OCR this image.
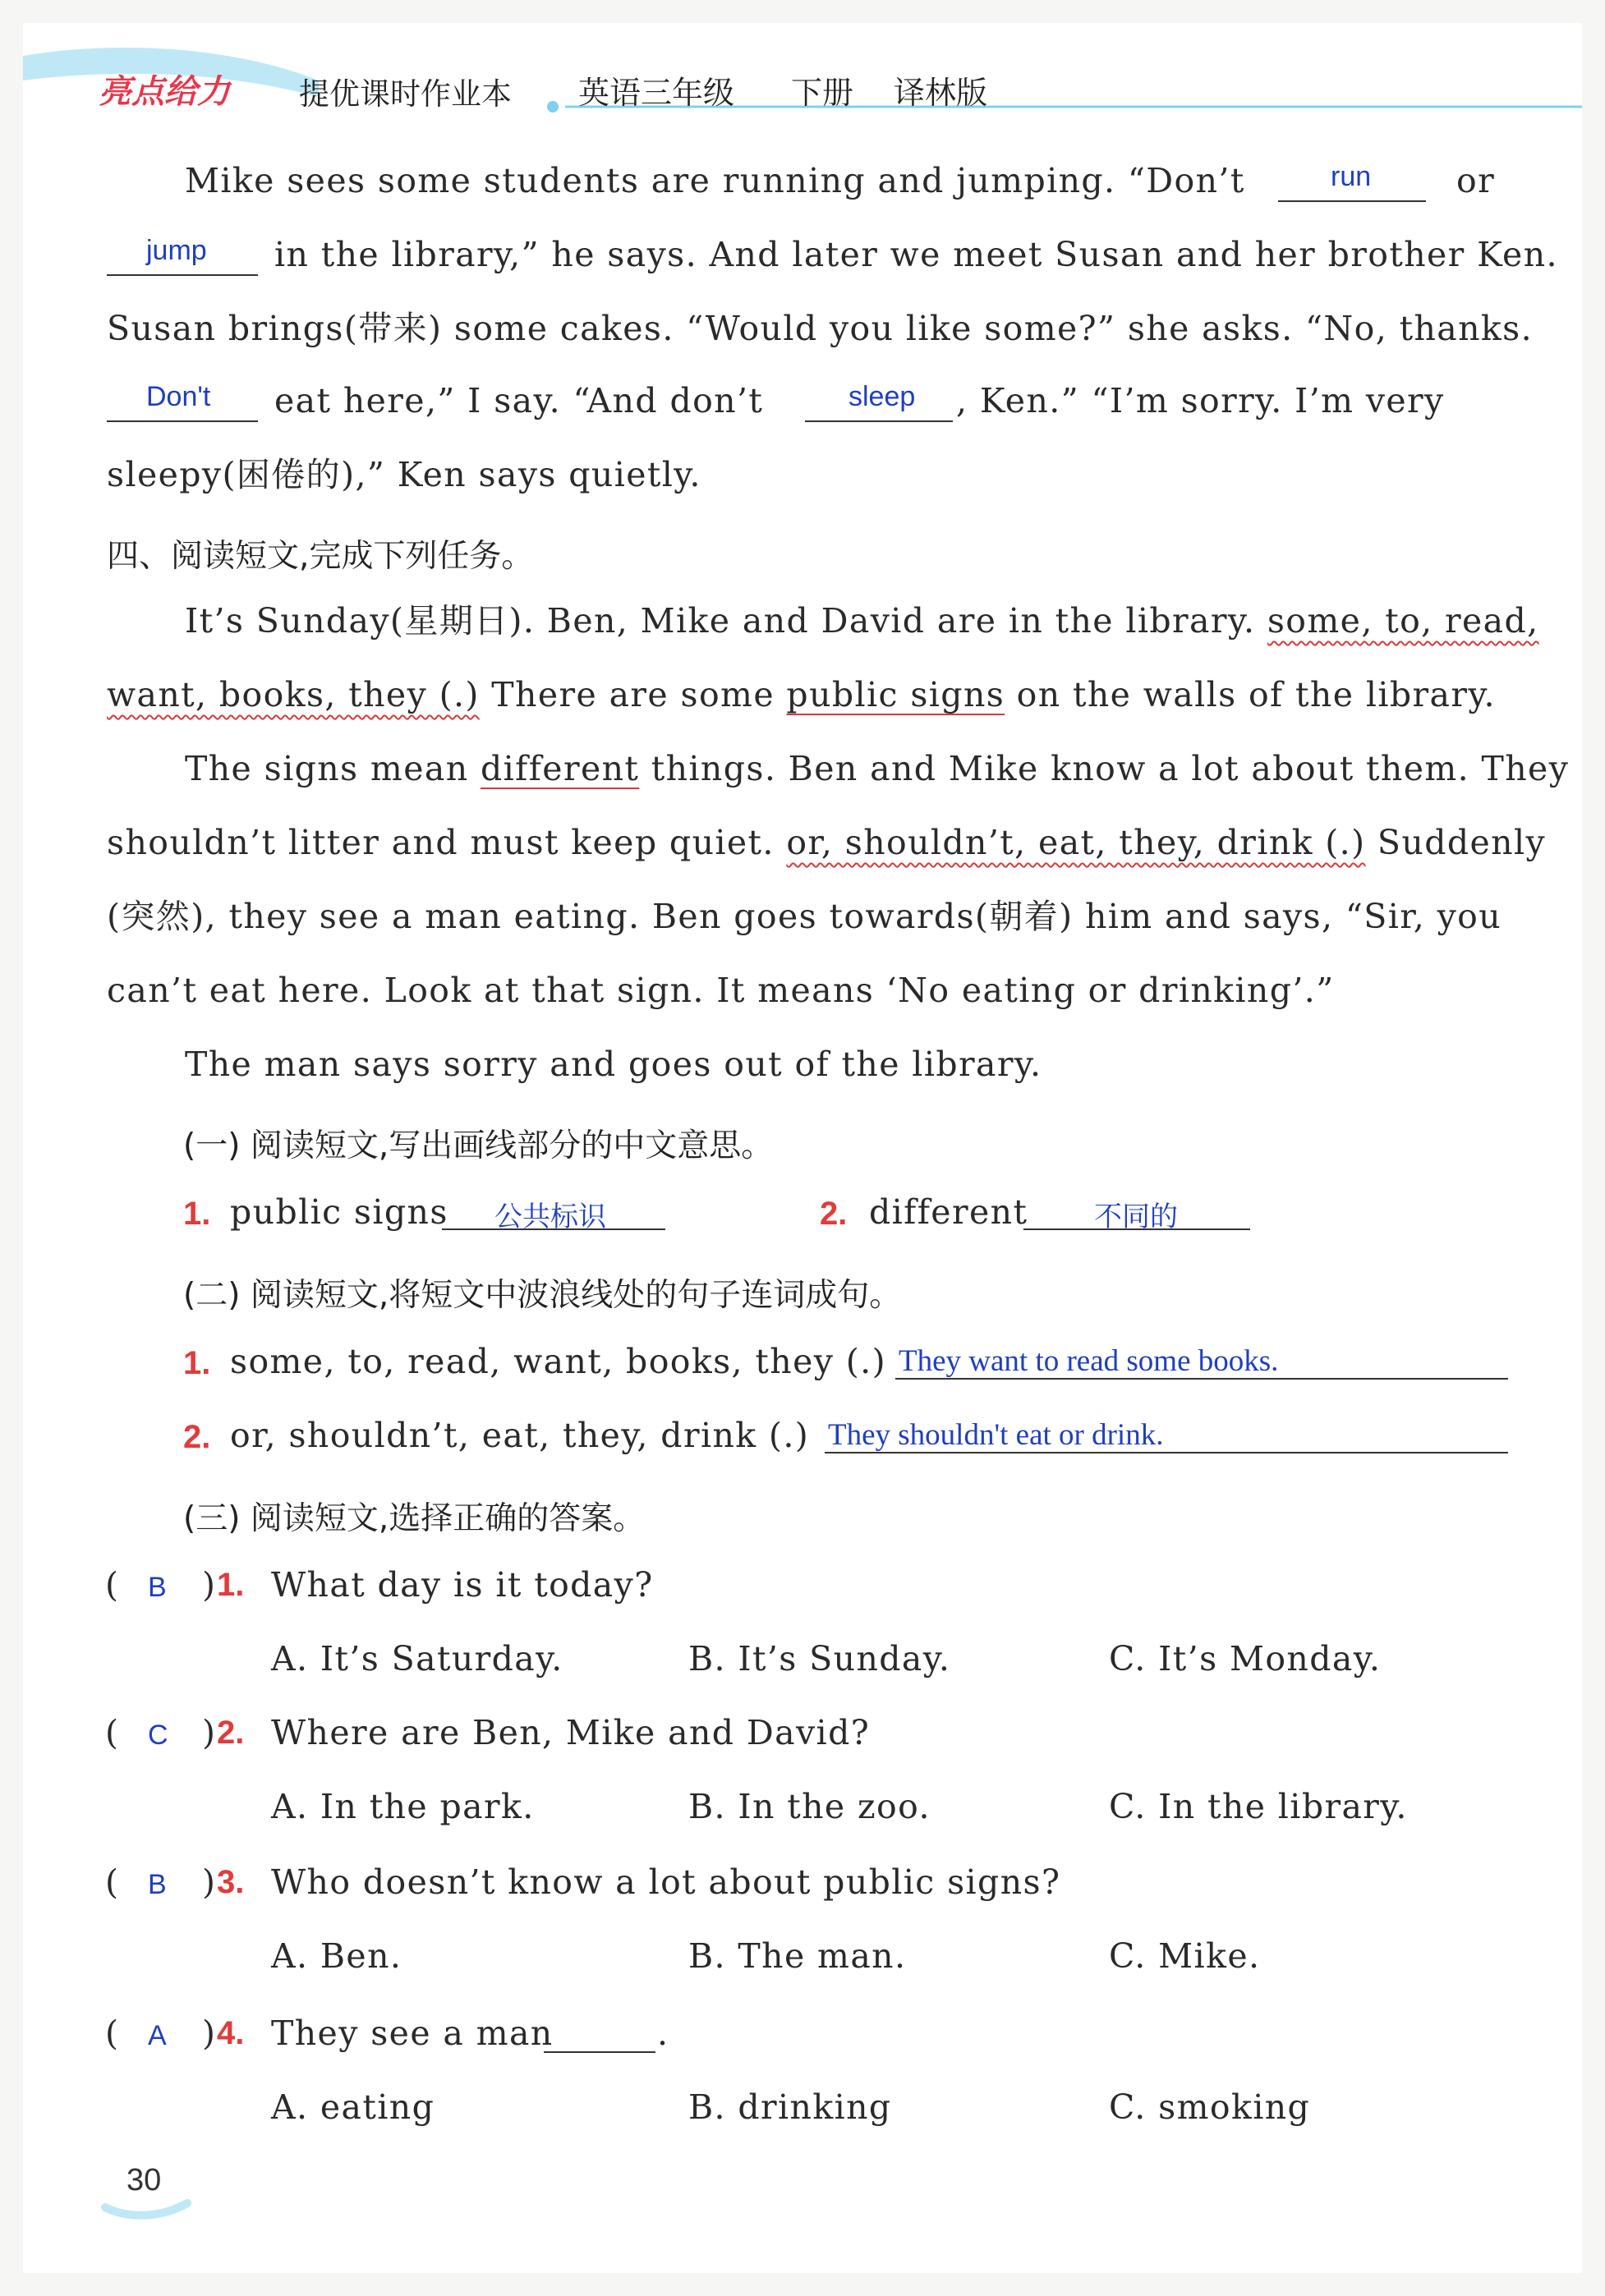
亮点给力 提优课时作业本 英语三年级 下册 译林版
Mike sees some students are running and jumping. “Don’t	run	or
jump in the library,” he says. And later we meet Susan and her brother Ken.
Susan brings(带来) some cakes. “Would you like some?” she asks. “No, thanks.
Don't eat here,” I say. “And don’t	sleep , Ken.” “I’m sorry. I’m very
sleepy(困倦的),” Ken says quietly.
四、阅读短文,完成下列任务。
It’s Sunday(星期日). Ben, Mike and David are in the library. some, to, read,
want, books, they (.) There are some public signs on the walls of the library.
The signs mean different things. Ben and Mike know a lot about them. They
shouldn’t litter and must keep quiet. or, shouldn’t, eat, they, drink (.) Suddenly
(突然), they see a man eating. Ben goes towards(朝着) him and says, “Sir, you
can’t eat here. Look at that sign. It means ‘No eating or drinking’.”
The man says sorry and goes out of the library.
(一) 阅读短文,写出画线部分的中文意思。
1. public signs 公共标识	2. different 不同的
(二) 阅读短文,将短文中波浪线处的句子连词成句。
1. some, to, read, want, books, they (.) They want to read some books.
2. or, shouldn’t, eat, they, drink (.) They shouldn't eat or drink.
(三) 阅读短文,选择正确的答案。
( B ) 1. What day is it today?
A. It’s Saturday.	B. It’s Sunday.	C. It’s Monday.
( C ) 2. Where are Ben, Mike and David?
A. In the park.	B. In the zoo.	C. In the library.
( B ) 3. Who doesn’t know a lot about public signs?
A. Ben.	B. The man.	C. Mike.
( A ) 4. They see a man	.
A. eating	B. drinking	C. smoking
30
